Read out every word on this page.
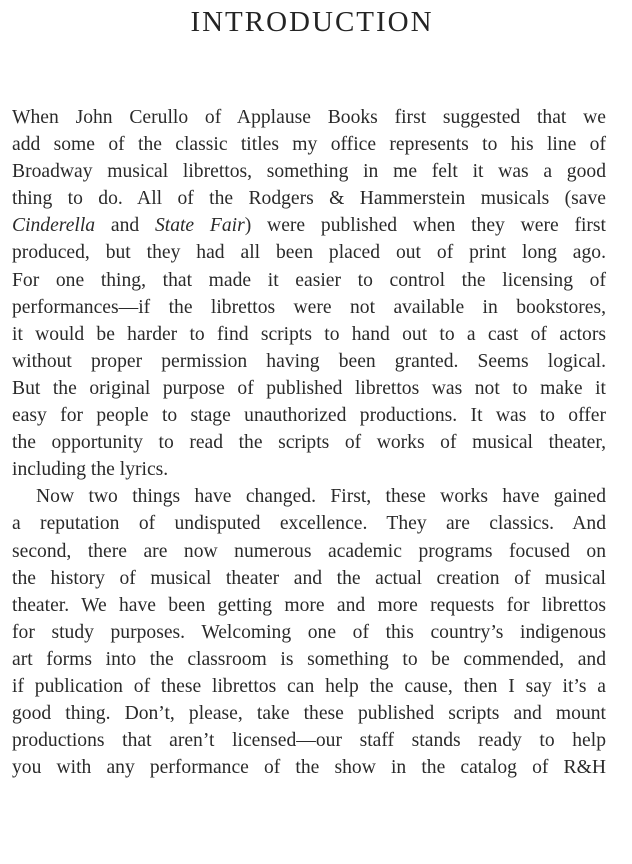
INTRODUCTION
When John Cerullo of Applause Books first suggested that we
add some of the classic titles my office represents to his line of
Broadway musical librettos, something in me felt it was a good
thing to do. All of the Rodgers & Hammerstein musicals (save
Cinderella and State Fair) were published when they were first
produced, but they had all been placed out of print long ago.
For one thing, that made it easier to control the licensing of
performances—if the librettos were not available in bookstores,
it would be harder to find scripts to hand out to a cast of actors
without proper permission having been granted. Seems logical.
But the original purpose of published librettos was not to make it
easy for people to stage unauthorized productions. It was to offer
the opportunity to read the scripts of works of musical theater,
including the lyrics.
Now two things have changed. First, these works have gained
a reputation of undisputed excellence. They are classics. And
second, there are now numerous academic programs focused on
the history of musical theater and the actual creation of musical
theater. We have been getting more and more requests for librettos
for study purposes. Welcoming one of this country’s indigenous
art forms into the classroom is something to be commended, and
if publication of these librettos can help the cause, then I say it’s a
good thing. Don’t, please, take these published scripts and mount
productions that aren’t licensed—our staff stands ready to help
you with any performance of the show in the catalog of R&H
